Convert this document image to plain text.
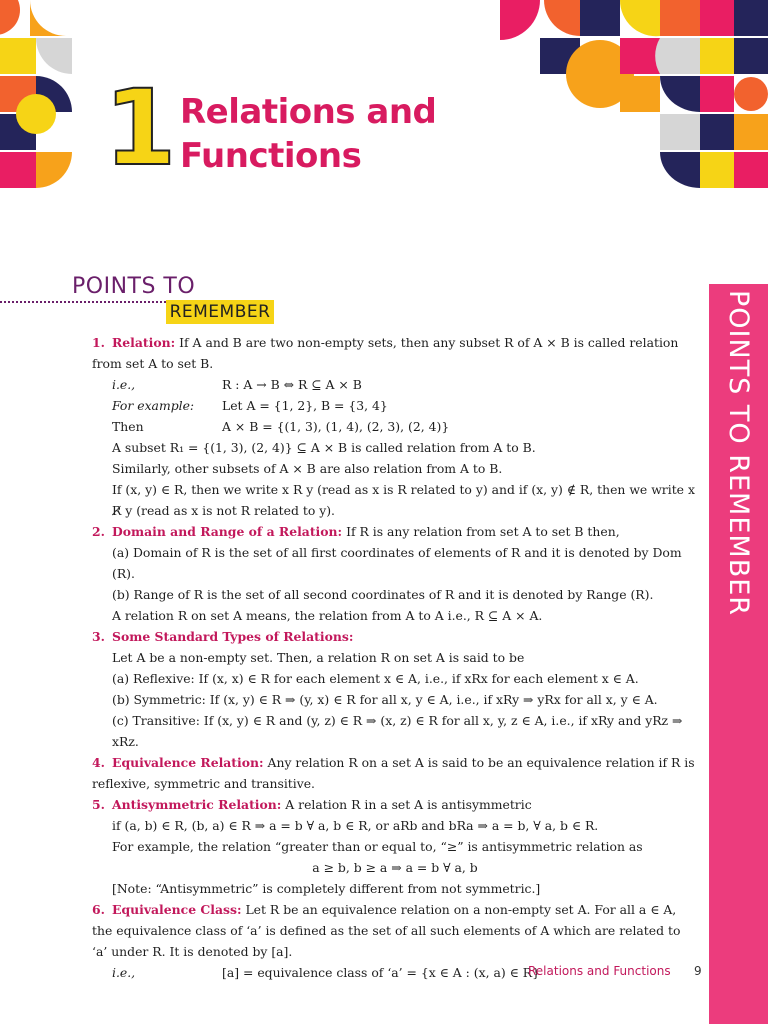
1 Relations and
Functions
POINTS TO
REMEMBER	POINTS TO REMEMBER

1. Relation: If A and B are two non-empty sets, then any subset R of A × B is called relation from set A to set B.

i.e.,	R : A → B ⇔ R ⊆ A × B
For example:	Let A = {1, 2}, B = {3, 4}
Then	A × B = {(1, 3), (1, 4), (2, 3), (2, 4)}

A subset R₁ = {(1, 3), (2, 4)} ⊆ A × B is called relation from A to B.

Similarly, other subsets of A × B are also relation from A to B.

If (x, y) ∈ R, then we write x R y (read as x is R related to y) and if (x, y) ∉ R, then we write x R̸ y (read as x is not R related to y).

2. Domain and Range of a Relation: If R is any relation from set A to set B then,

(a) Domain of R is the set of all first coordinates of elements of R and it is denoted by Dom (R).

(b) Range of R is the set of all second coordinates of R and it is denoted by Range (R).

A relation R on set A means, the relation from A to A i.e., R ⊆ A × A.

3. Some Standard Types of Relations:

Let A be a non-empty set. Then, a relation R on set A is said to be

(a) Reflexive: If (x, x) ∈ R for each element x ∈ A, i.e., if xRx for each element x ∈ A.

(b) Symmetric: If (x, y) ∈ R ⇒ (y, x) ∈ R for all x, y ∈ A, i.e., if xRy ⇒ yRx for all x, y ∈ A.

(c) Transitive: If (x, y) ∈ R and (y, z) ∈ R ⇒ (x, z) ∈ R for all x, y, z ∈ A, i.e., if xRy and yRz ⇒ xRz.

4. Equivalence Relation: Any relation R on a set A is said to be an equivalence relation if R is reflexive, symmetric and transitive.

5. Antisymmetric Relation: A relation R in a set A is antisymmetric

if (a, b) ∈ R, (b, a) ∈ R ⇒ a = b ∀ a, b ∈ R, or aRb and bRa ⇒ a = b, ∀ a, b ∈ R.

For example, the relation “greater than or equal to, “≥” is antisymmetric relation as

a ≥ b, b ≥ a ⇒ a = b ∀ a, b

[Note: “Antisymmetric” is completely different from not symmetric.]

6. Equivalence Class: Let R be an equivalence relation on a non-empty set A. For all a ∈ A, the equivalence class of ‘a’ is defined as the set of all such elements of A which are related to ‘a’ under R. It is denoted by [a].

i.e.,	[a] = equivalence class of ‘a’ = {x ∈ A : (x, a) ∈ R}
Relations and Functions 9
